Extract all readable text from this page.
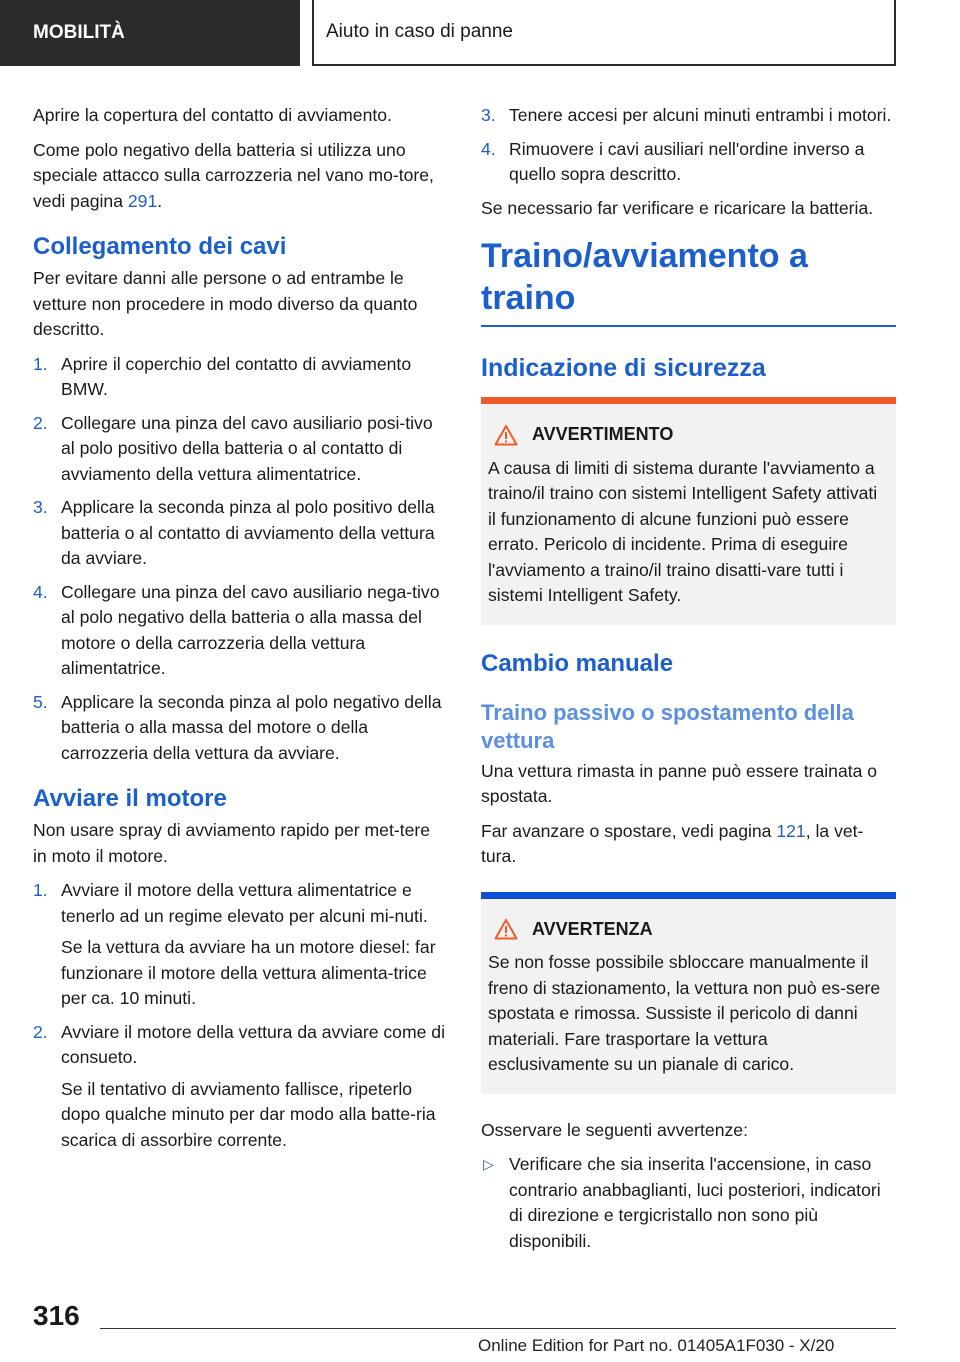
MOBILITÀ	Aiuto in caso di panne

Aprire la copertura del contatto di avviamento.

Come polo negativo della batteria si utilizza uno speciale attacco sulla carrozzeria nel vano mo-tore, vedi pagina 291.

Collegamento dei cavi

Per evitare danni alle persone o ad entrambe le vetture non procedere in modo diverso da quanto descritto.

1. Aprire il coperchio del contatto di avviamento BMW.
2. Collegare una pinza del cavo ausiliario posi-tivo al polo positivo della batteria o al contatto di avviamento della vettura alimentatrice.
3. Applicare la seconda pinza al polo positivo della batteria o al contatto di avviamento della vettura da avviare.
4. Collegare una pinza del cavo ausiliario nega-tivo al polo negativo della batteria o alla massa del motore o della carrozzeria della vettura alimentatrice.
5. Applicare la seconda pinza al polo negativo della batteria o alla massa del motore o della carrozzeria della vettura da avviare.
Avviare il motore

Non usare spray di avviamento rapido per met-tere in moto il motore.

1. Avviare il motore della vettura alimentatrice e tenerlo ad un regime elevato per alcuni mi-nuti.
Se la vettura da avviare ha un motore diesel: far funzionare il motore della vettura alimenta-trice per ca. 10 minuti.
2. Avviare il motore della vettura da avviare come di consueto.
Se il tentativo di avviamento fallisce, ripeterlo dopo qualche minuto per dar modo alla batte-ria scarica di assorbire corrente.
3. Tenere accesi per alcuni minuti entrambi i motori.
4. Rimuovere i cavi ausiliari nell'ordine inverso a quello sopra descritto.

Se necessario far verificare e ricaricare la batteria.

Traino/avviamento a traino
Indicazione di sicurezza
AVVERTIMENTO
A causa di limiti di sistema durante l'avviamento a traino/il traino con sistemi Intelligent Safety attivati il funzionamento di alcune funzioni può essere errato. Pericolo di incidente. Prima di eseguire l'avviamento a traino/il traino disatti-vare tutti i sistemi Intelligent Safety.
Cambio manuale
Traino passivo o spostamento della vettura

Una vettura rimasta in panne può essere trainata o spostata.

Far avanzare o spostare, vedi pagina 121, la vet-tura.

AVVERTENZA
Se non fosse possibile sbloccare manualmente il freno di stazionamento, la vettura non può es-sere spostata e rimossa. Sussiste il pericolo di danni materiali. Fare trasportare la vettura esclusivamente su un pianale di carico.

Osservare le seguenti avvertenze:

▷ Verificare che sia inserita l'accensione, in caso contrario anabbaglianti, luci posteriori, indicatori di direzione e tergicristallo non sono più disponibili.
316
Online Edition for Part no. 01405A1F030 - X/20
